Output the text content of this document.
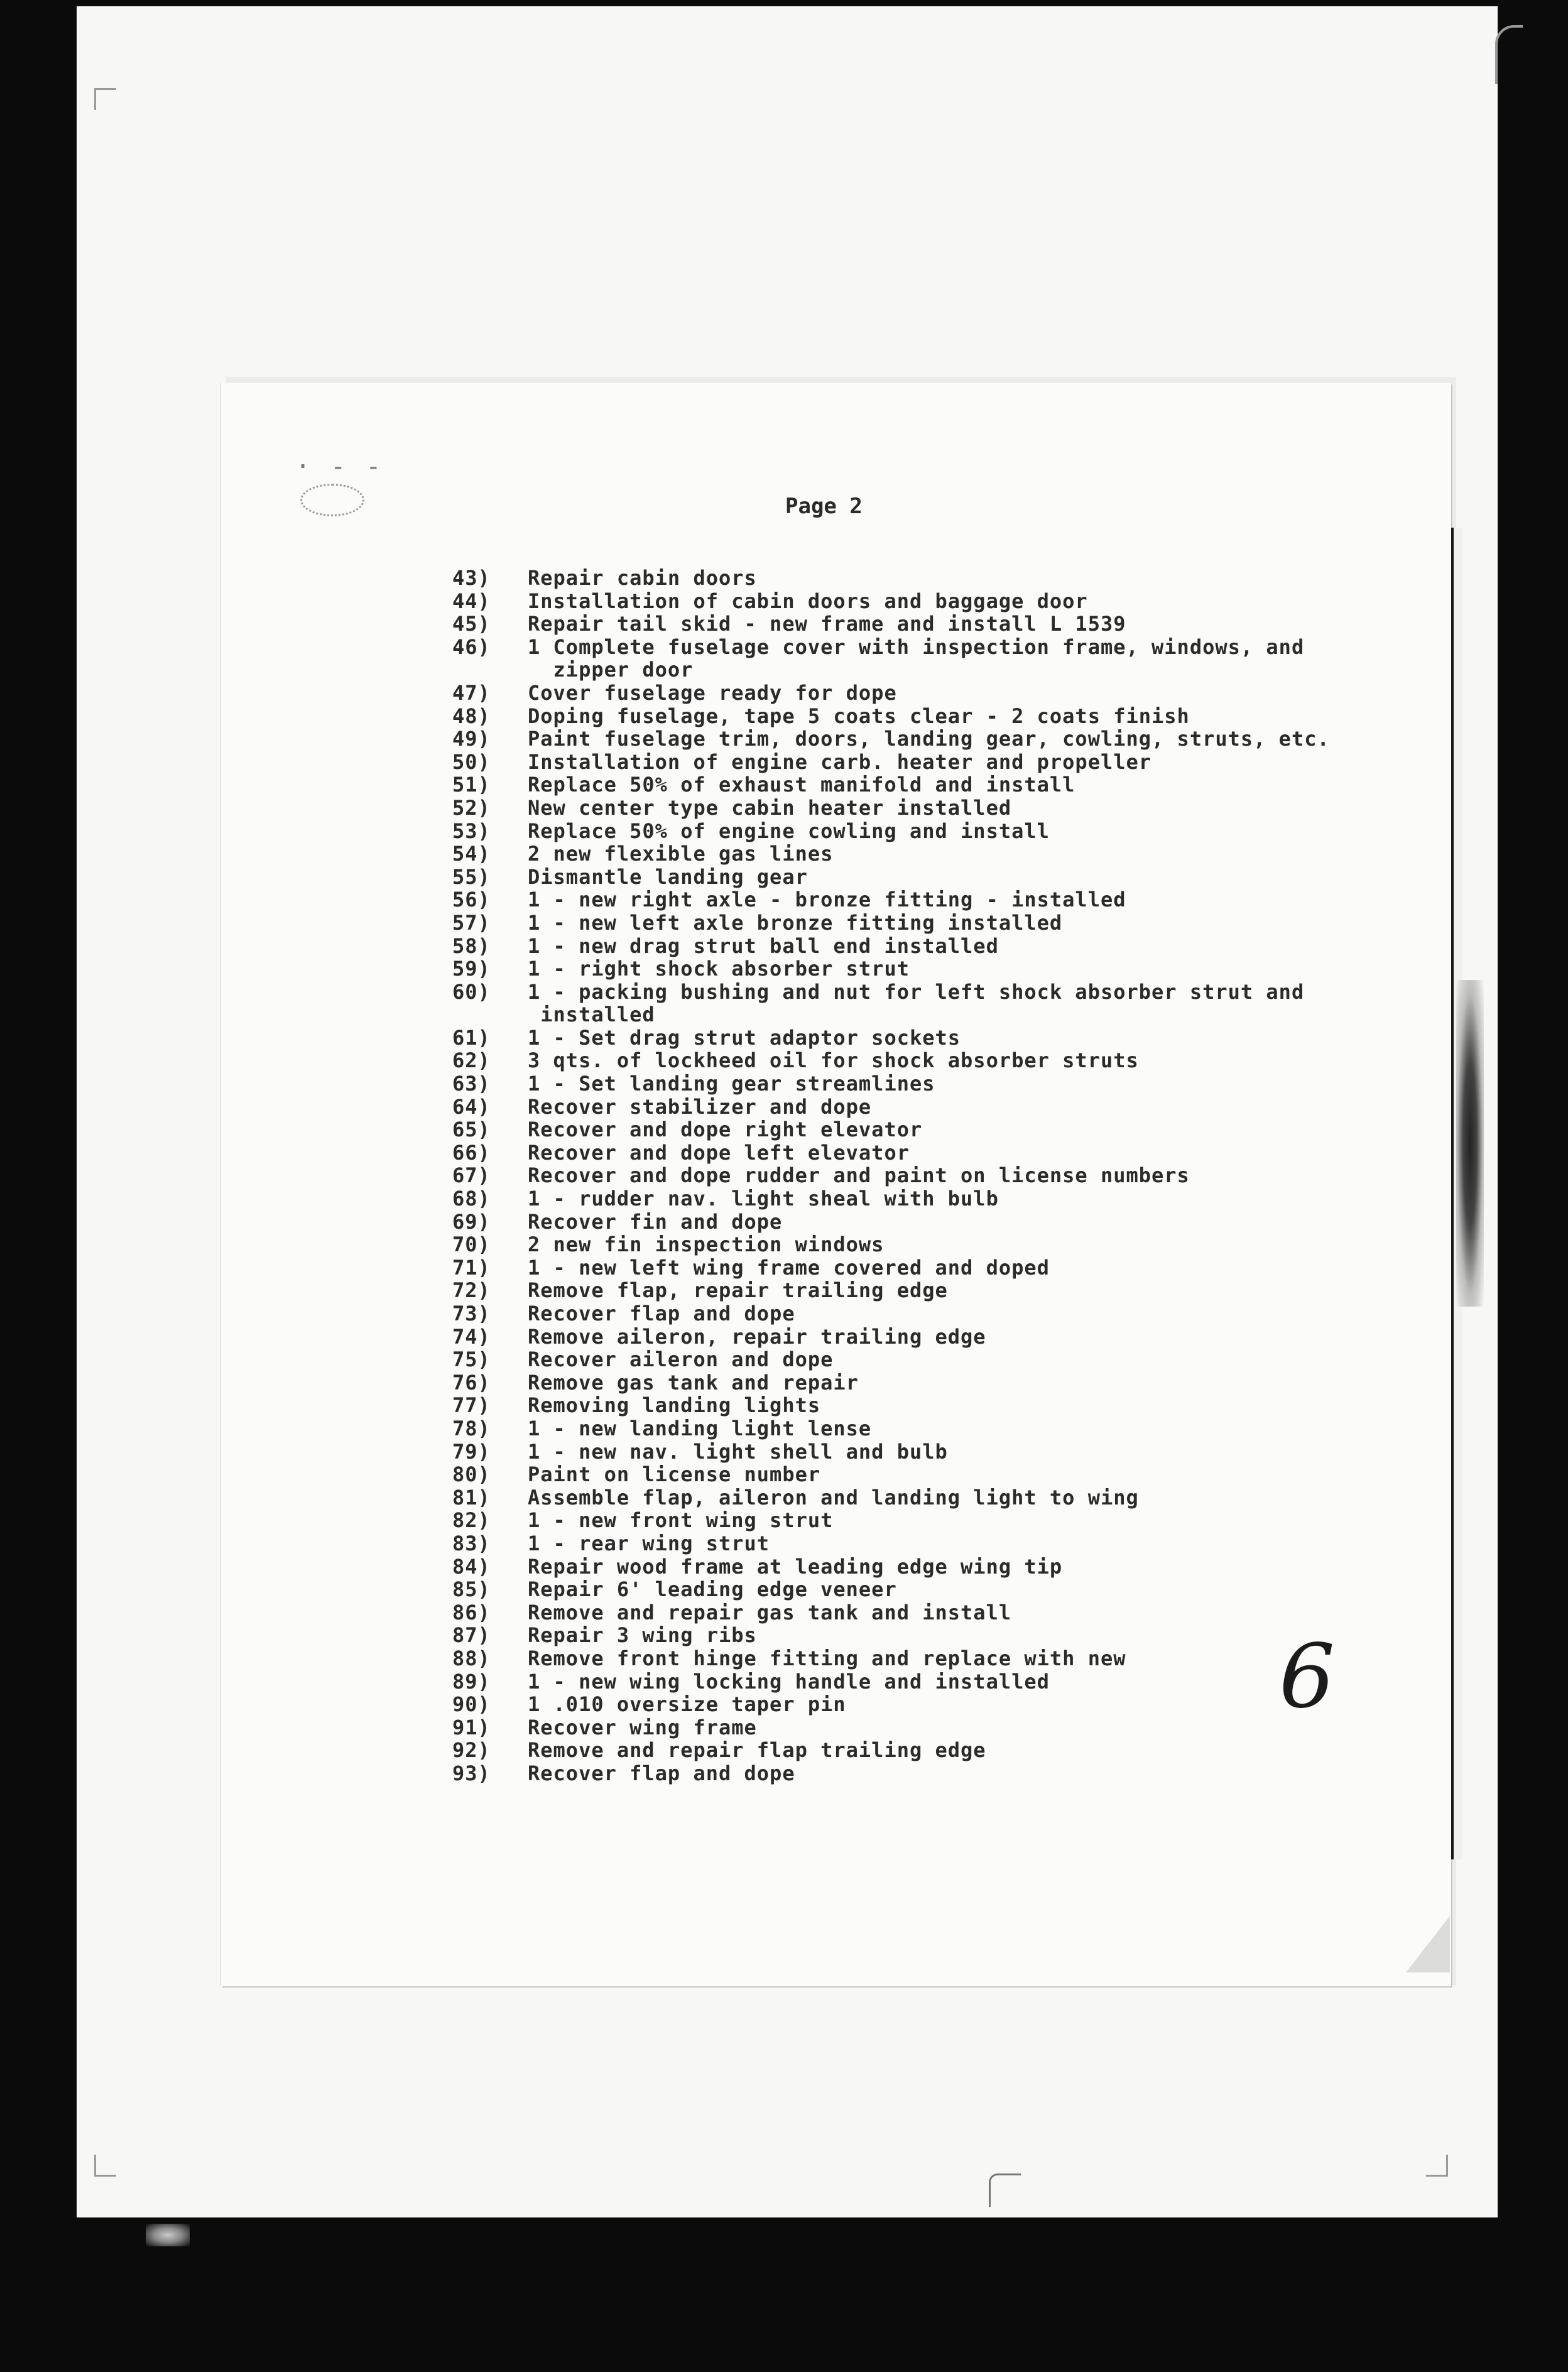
· - -
Page 2
43)	Repair cabin doors
44)	Installation of cabin doors and baggage door
45)	Repair tail skid - new frame and install L 1539
46)	1 Complete fuselage cover with inspection frame, windows, and
zipper door
47)	Cover fuselage ready for dope
48)	Doping fuselage, tape 5 coats clear - 2 coats finish
49)	Paint fuselage trim, doors, landing gear, cowling, struts, etc.
50)	Installation of engine carb. heater and propeller
51)	Replace 50% of exhaust manifold and install
52)	New center type cabin heater installed
53)	Replace 50% of engine cowling and install
54)	2 new flexible gas lines
55)	Dismantle landing gear
56)	1 - new right axle - bronze fitting - installed
57)	1 - new left axle bronze fitting installed
58)	1 - new drag strut ball end installed
59)	1 - right shock absorber strut
60)	1 - packing bushing and nut for left shock absorber strut and
installed
61)	1 - Set drag strut adaptor sockets
62)	3 qts. of lockheed oil for shock absorber struts
63)	1 - Set landing gear streamlines
64)	Recover stabilizer and dope
65)	Recover and dope right elevator
66)	Recover and dope left elevator
67)	Recover and dope rudder and paint on license numbers
68)	1 - rudder nav. light sheal with bulb
69)	Recover fin and dope
70)	2 new fin inspection windows
71)	1 - new left wing frame covered and doped
72)	Remove flap, repair trailing edge
73)	Recover flap and dope
74)	Remove aileron, repair trailing edge
75)	Recover aileron and dope
76)	Remove gas tank and repair
77)	Removing landing lights
78)	1 - new landing light lense
79)	1 - new nav. light shell and bulb
80)	Paint on license number
81)	Assemble flap, aileron and landing light to wing
82)	1 - new front wing strut
83)	1 - rear wing strut
84)	Repair wood frame at leading edge wing tip
85)	Repair 6' leading edge veneer
86)	Remove and repair gas tank and install
87)	Repair 3 wing ribs
88)	Remove front hinge fitting and replace with new
89)	1 - new wing locking handle and installed
90)	1 .010 oversize taper pin
91)	Recover wing frame
92)	Remove and repair flap trailing edge
93)	Recover flap and dope
6
